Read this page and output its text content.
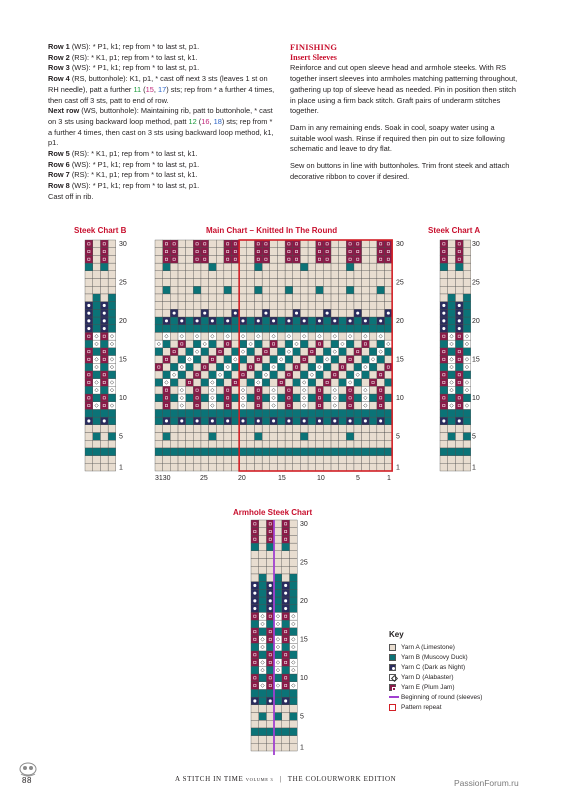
Row 1 (WS): * P1, k1; rep from * to last st, p1.

Row 2 (RS): * K1, p1; rep from * to last st, k1.

Row 3 (WS): * P1, k1; rep from * to last st, p1.

Row 4 (RS, buttonhole): K1, p1, * cast off next 3 sts (leaves 1 st on RH needle), patt a further 11 (15, 17) sts; rep from * a further 4 times, then cast off 3 sts, patt to end of row.

Next row (WS, buttonhole): Maintaining rib, patt to buttonhole, * cast on 3 sts using backward loop method, patt 12 (16, 18) sts; rep from * a further 4 times, then cast on 3 sts using backward loop method, k1, p1.

Row 5 (RS): * K1, p1; rep from * to last st, k1.

Row 6 (WS): * P1, k1; rep from * to last st, p1.

Row 7 (RS): * K1, p1; rep from * to last st, k1.

Row 8 (WS): * P1, k1; rep from * to last st, p1.

Cast off in rib.

FINISHING
Insert Sleeves

Reinforce and cut open sleeve head and armhole steeks. With RS together insert sleeves into armholes matching patterning throughout, gathering up top of sleeve head as needed. Pin in position then stitch in place using a firm back stitch. Graft pairs of underarm stitches together.

Darn in any remaining ends. Soak in cool, soapy water using a suitable wool wash. Rinse if required then pin out to size following schematic and leave to dry flat.

Sew on buttons in line with buttonholes. Trim front steek and attach decorative ribbon to cover if desired.

Steek Chart B	Main Chart – Knitted In The Round	Steek Chart A
Armhole Steek Chart
30
25
20
15
10
5
1
30
25
20
15
10
5
1
3130	25	20	15	10	5	1
30
25
20
15
10
5
1
30
25
20
15
10
5
1
Key
Yarn A (Limestone)
Yarn B (Muscovy Duck)
Yarn C (Dark as Night)
Yarn D (Alabaster)
Yarn E (Plum Jam)
Beginning of round (sleeves)
Pattern repeat
88	A STITCH IN TIME VOLUME 3 | THE COLOURWORK EDITION	PassionForum.ru
